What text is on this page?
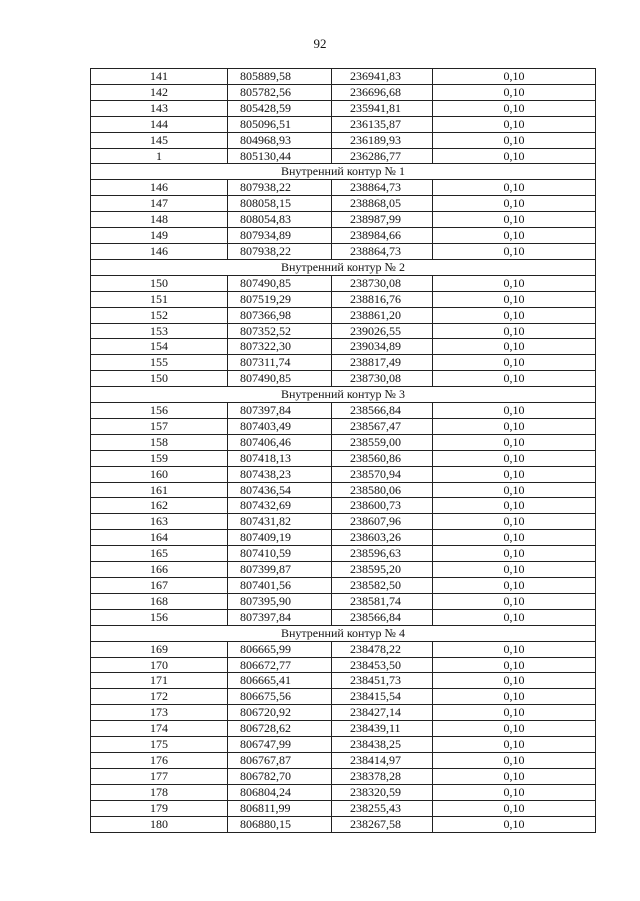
92
141	805889,58	236941,83	0,10
142	805782,56	236696,68	0,10
143	805428,59	235941,81	0,10
144	805096,51	236135,87	0,10
145	804968,93	236189,93	0,10
1	805130,44	236286,77	0,10
Внутренний контур № 1			
146	807938,22	238864,73	0,10
147	808058,15	238868,05	0,10
148	808054,83	238987,99	0,10
149	807934,89	238984,66	0,10
146	807938,22	238864,73	0,10
Внутренний контур № 2			
150	807490,85	238730,08	0,10
151	807519,29	238816,76	0,10
152	807366,98	238861,20	0,10
153	807352,52	239026,55	0,10
154	807322,30	239034,89	0,10
155	807311,74	238817,49	0,10
150	807490,85	238730,08	0,10
Внутренний контур № 3			
156	807397,84	238566,84	0,10
157	807403,49	238567,47	0,10
158	807406,46	238559,00	0,10
159	807418,13	238560,86	0,10
160	807438,23	238570,94	0,10
161	807436,54	238580,06	0,10
162	807432,69	238600,73	0,10
163	807431,82	238607,96	0,10
164	807409,19	238603,26	0,10
165	807410,59	238596,63	0,10
166	807399,87	238595,20	0,10
167	807401,56	238582,50	0,10
168	807395,90	238581,74	0,10
156	807397,84	238566,84	0,10
Внутренний контур № 4			
169	806665,99	238478,22	0,10
170	806672,77	238453,50	0,10
171	806665,41	238451,73	0,10
172	806675,56	238415,54	0,10
173	806720,92	238427,14	0,10
174	806728,62	238439,11	0,10
175	806747,99	238438,25	0,10
176	806767,87	238414,97	0,10
177	806782,70	238378,28	0,10
178	806804,24	238320,59	0,10
179	806811,99	238255,43	0,10
180	806880,15	238267,58	0,10
